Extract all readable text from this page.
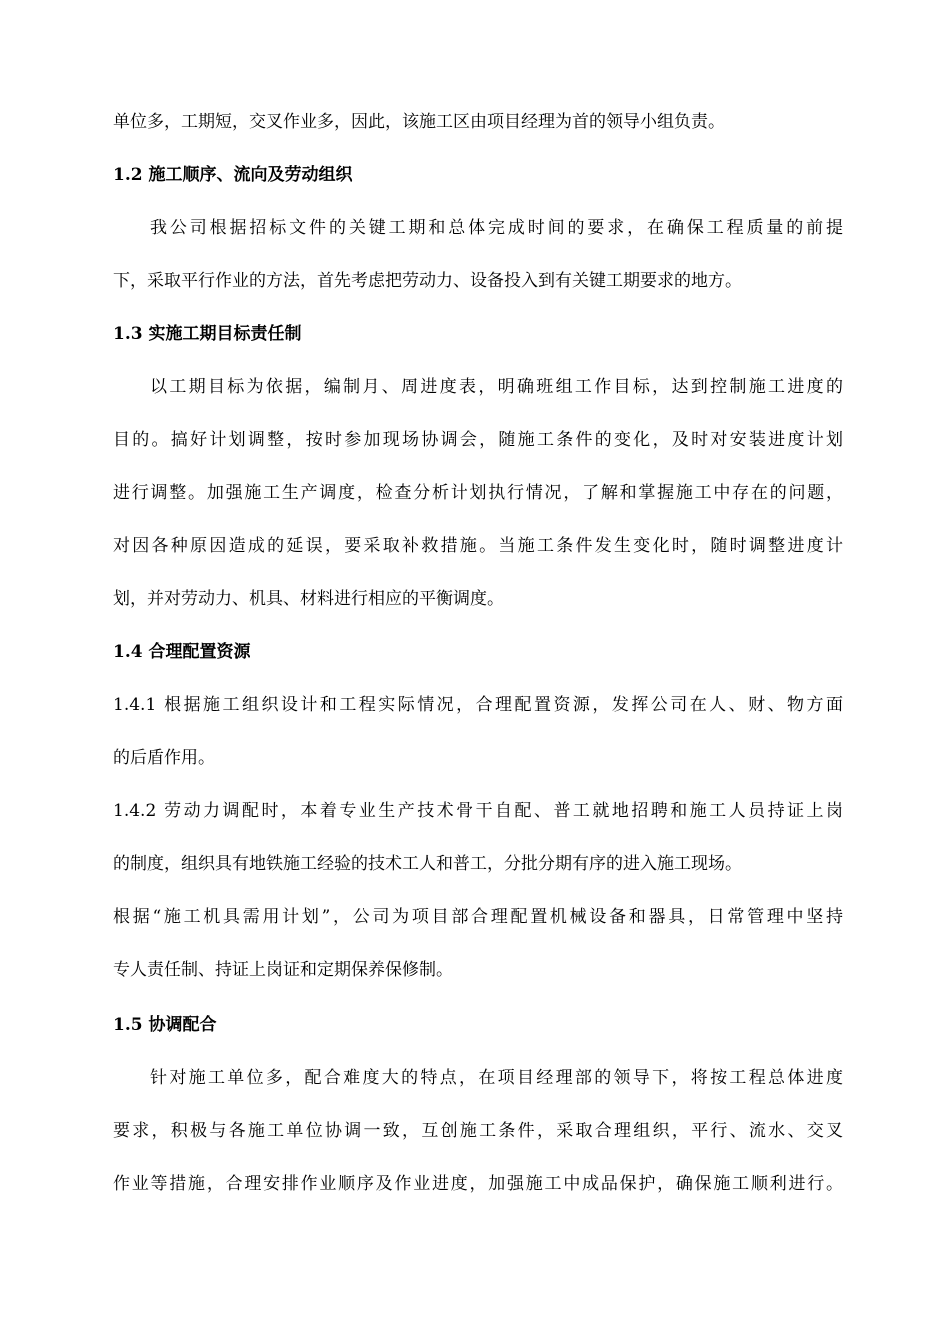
单位多，工期短，交叉作业多，因此，该施工区由项目经理为首的领导小组负责。
1.2 施工顺序、流向及劳动组织
我公司根据招标文件的关键工期和总体完成时间的要求，在确保工程质量的前提
下，采取平行作业的方法，首先考虑把劳动力、设备投入到有关键工期要求的地方。
1.3 实施工期目标责任制
以工期目标为依据，编制月、周进度表，明确班组工作目标，达到控制施工进度的
目的。搞好计划调整，按时参加现场协调会，随施工条件的变化，及时对安装进度计划
进行调整。加强施工生产调度，检查分析计划执行情况，了解和掌握施工中存在的问题，
对因各种原因造成的延误，要采取补救措施。当施工条件发生变化时，随时调整进度计
划，并对劳动力、机具、材料进行相应的平衡调度。
1.4 合理配置资源
1.4.1 根据施工组织设计和工程实际情况，合理配置资源，发挥公司在人、财、物方面
的后盾作用。
1.4.2 劳动力调配时，本着专业生产技术骨干自配、普工就地招聘和施工人员持证上岗
的制度，组织具有地铁施工经验的技术工人和普工，分批分期有序的进入施工现场。
根据“施工机具需用计划”，公司为项目部合理配置机械设备和器具，日常管理中坚持
专人责任制、持证上岗证和定期保养保修制。
1.5 协调配合
针对施工单位多，配合难度大的特点，在项目经理部的领导下，将按工程总体进度
要求，积极与各施工单位协调一致，互创施工条件，采取合理组织，平行、流水、交叉
作业等措施，合理安排作业顺序及作业进度，加强施工中成品保护，确保施工顺利进行。
